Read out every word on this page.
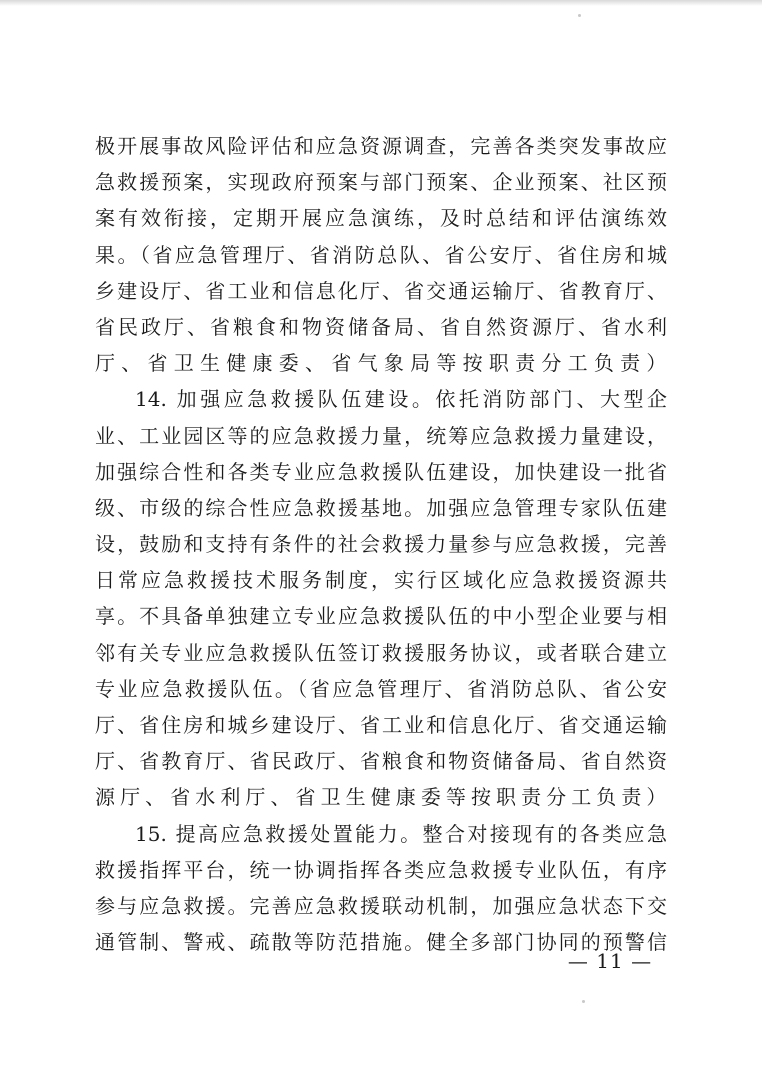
极开展事故风险评估和应急资源调查，完善各类突发事故应
急救援预案，实现政府预案与部门预案、企业预案、社区预
案有效衔接，定期开展应急演练，及时总结和评估演练效
果。（省应急管理厅、省消防总队、省公安厅、省住房和城
乡建设厅、省工业和信息化厅、省交通运输厅、省教育厅、
省民政厅、省粮食和物资储备局、省自然资源厅、省水利
厅、省卫生健康委、省气象局等按职责分工负责）

14. 加强应急救援队伍建设。依托消防部门、大型企
业、工业园区等的应急救援力量，统筹应急救援力量建设，
加强综合性和各类专业应急救援队伍建设，加快建设一批省
级、市级的综合性应急救援基地。加强应急管理专家队伍建
设，鼓励和支持有条件的社会救援力量参与应急救援，完善
日常应急救援技术服务制度，实行区域化应急救援资源共
享。不具备单独建立专业应急救援队伍的中小型企业要与相
邻有关专业应急救援队伍签订救援服务协议，或者联合建立
专业应急救援队伍。（省应急管理厅、省消防总队、省公安
厅、省住房和城乡建设厅、省工业和信息化厅、省交通运输
厅、省教育厅、省民政厅、省粮食和物资储备局、省自然资
源厅、省水利厅、省卫生健康委等按职责分工负责）

15. 提高应急救援处置能力。整合对接现有的各类应急
救援指挥平台，统一协调指挥各类应急救援专业队伍，有序
参与应急救援。完善应急救援联动机制，加强应急状态下交
通管制、警戒、疏散等防范措施。健全多部门协同的预警信

— 11 —
